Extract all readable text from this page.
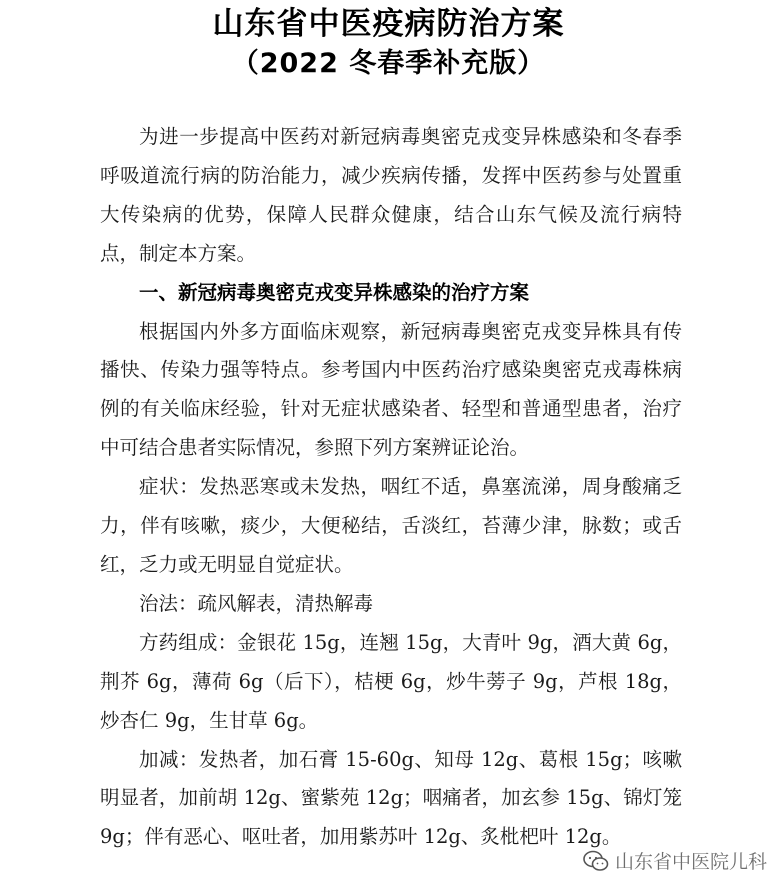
山东省中医疫病防治方案
（2022 冬春季补充版）

为进一步提高中医药对新冠病毒奥密克戎变异株感染和冬春季呼吸道流行病的防治能力，减少疾病传播，发挥中医药参与处置重大传染病的优势，保障人民群众健康，结合山东气候及流行病特点，制定本方案。

一、新冠病毒奥密克戎变异株感染的治疗方案

根据国内外多方面临床观察，新冠病毒奥密克戎变异株具有传播快、传染力强等特点。参考国内中医药治疗感染奥密克戎毒株病例的有关临床经验，针对无症状感染者、轻型和普通型患者，治疗中可结合患者实际情况，参照下列方案辨证论治。

症状：发热恶寒或未发热，咽红不适，鼻塞流涕，周身酸痛乏力，伴有咳嗽，痰少，大便秘结，舌淡红，苔薄少津，脉数；或舌红，乏力或无明显自觉症状。

治法：疏风解表，清热解毒

方药组成：金银花 15g，连翘 15g，大青叶 9g，酒大黄 6g，荆芥 6g，薄荷 6g（后下），桔梗 6g，炒牛蒡子 9g，芦根 18g，炒杏仁 9g，生甘草 6g。

加减：发热者，加石膏 15-60g、知母 12g、葛根 15g；咳嗽明显者，加前胡 12g、蜜紫苑 12g；咽痛者，加玄参 15g、锦灯笼 9g；伴有恶心、呕吐者，加用紫苏叶 12g、炙枇杷叶 12g。

山东省中医院儿科
